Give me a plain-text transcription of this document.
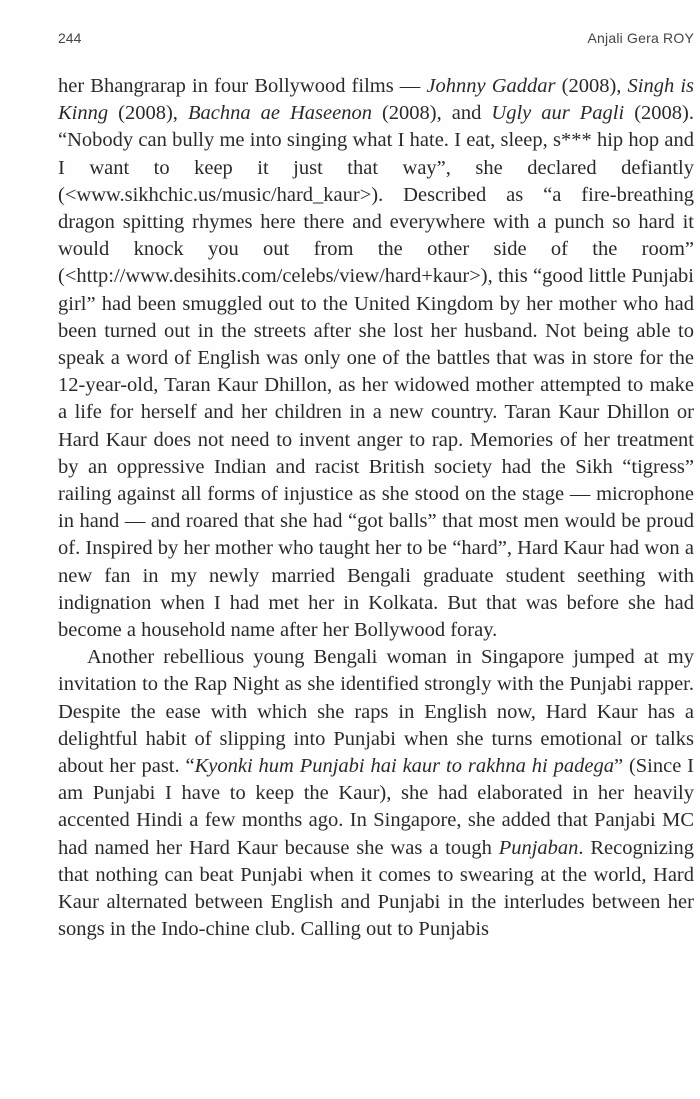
244	Anjali Gera ROY

her Bhangrarap in four Bollywood films — Johnny Gaddar (2008), Singh is Kinng (2008), Bachna ae Haseenon (2008), and Ugly aur Pagli (2008). “Nobody can bully me into singing what I hate. I eat, sleep, s*** hip hop and I want to keep it just that way”, she declared defiantly (<www.sikhchic.us/music/hard_kaur>). Described as “a fire-breathing dragon spitting rhymes here there and everywhere with a punch so hard it would knock you out from the other side of the room” (<http://www.desihits.com/celebs/view/hard+kaur>), this “good little Punjabi girl” had been smuggled out to the United Kingdom by her mother who had been turned out in the streets after she lost her husband. Not being able to speak a word of English was only one of the battles that was in store for the 12-year-old, Taran Kaur Dhillon, as her widowed mother attempted to make a life for herself and her children in a new country. Taran Kaur Dhillon or Hard Kaur does not need to invent anger to rap. Memories of her treatment by an oppressive Indian and racist British society had the Sikh “tigress” railing against all forms of injustice as she stood on the stage — microphone in hand — and roared that she had “got balls” that most men would be proud of. Inspired by her mother who taught her to be “hard”, Hard Kaur had won a new fan in my newly married Bengali graduate student seething with indignation when I had met her in Kolkata. But that was before she had become a household name after her Bollywood foray.

Another rebellious young Bengali woman in Singapore jumped at my invitation to the Rap Night as she identified strongly with the Punjabi rapper. Despite the ease with which she raps in English now, Hard Kaur has a delightful habit of slipping into Punjabi when she turns emotional or talks about her past. “Kyonki hum Punjabi hai kaur to rakhna hi padega” (Since I am Punjabi I have to keep the Kaur), she had elaborated in her heavily accented Hindi a few months ago. In Singapore, she added that Panjabi MC had named her Hard Kaur because she was a tough Punjaban. Recognizing that nothing can beat Punjabi when it comes to swearing at the world, Hard Kaur alternated between English and Punjabi in the interludes between her songs in the Indo-chine club. Calling out to Punjabis
